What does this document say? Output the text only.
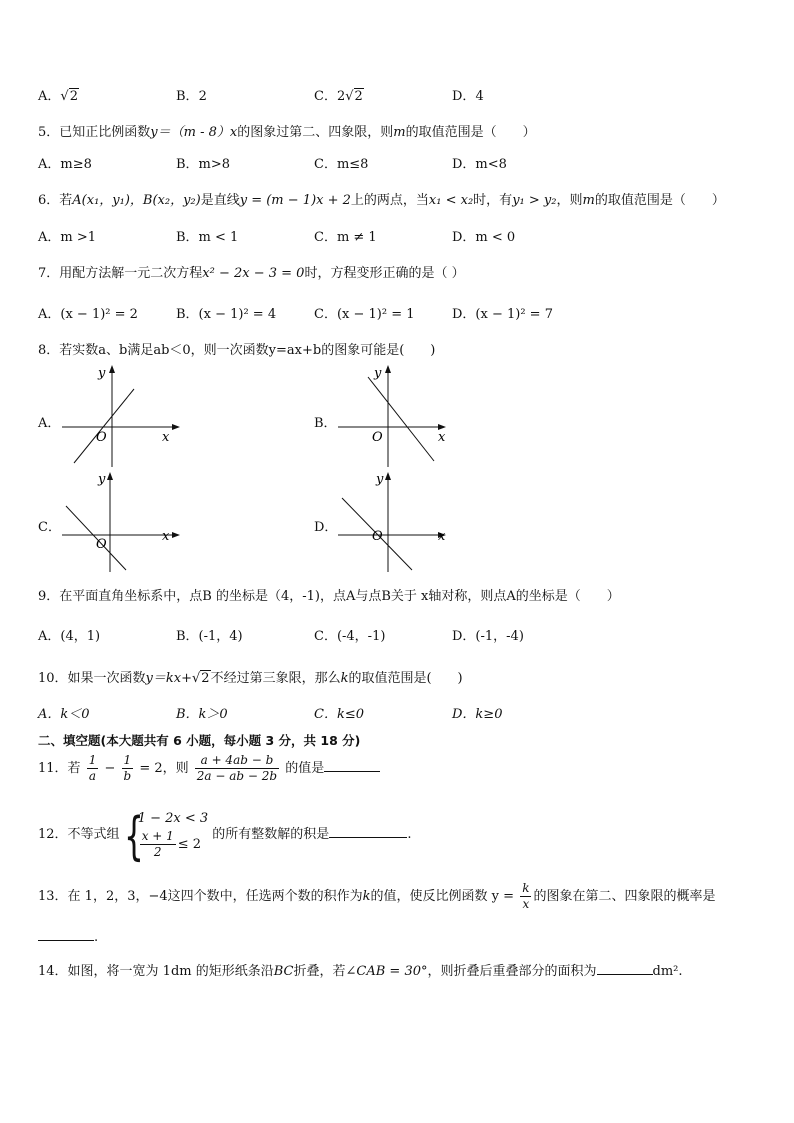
A．√2	B．2	C．2√2	D．4
5．已知正比例函数y＝（m - 8）x的图象过第二、四象限，则m的取值范围是（　　）
A．m≥8	B．m>8	C．m≤8	D．m<8
6．若A(x₁，y₁)，B(x₂，y₂)是直线y = (m − 1)x + 2上的两点，当x₁ < x₂时，有y₁ > y₂，则m的取值范围是（　　）
A．m >1	B．m < 1	C．m ≠ 1	D．m < 0
7．用配方法解一元二次方程x² − 2x − 3 = 0时，方程变形正确的是（ ）
A．(x − 1)² = 2	B．(x − 1)² = 4	C．(x − 1)² = 1	D．(x − 1)² = 7
8．若实数a、b满足ab＜0，则一次函数y=ax+b的图象可能是(　　)
A．
y
x
O
B．
y
x
O
C．
y
x
O
D．
y
x
O
9．在平面直角坐标系中，点B 的坐标是（4，-1)，点A与点B关于 x轴对称，则点A的坐标是（　　）
A．(4，1)	B．(-1，4)	C．(-4，-1)	D．(-1，-4)
10．如果一次函数y＝kx+√2不经过第三象限，那么k的取值范围是(　　)
A．k＜0	B．k＞0	C．k≤0	D．k≥0
二、填空题(本大题共有 6 小题，每小题 3 分，共 18 分)
11．若 $\frac{1}{a} - \frac{1}{b} = 2$，则 $\frac{a + 4ab - b}{2a - ab - 2b}$ 的值是
12．不等式组 {
1 − 2x < 3
$\frac{x + 1}{2} \le 2$
的所有整数解的积是	.
13．在 1，2，3，−4这四个数中，任选两个数的积作为k的值，使反比例函数 $y = \frac{k}{x}$ 的图象在第二、四象限的概率是
.
14．如图，将一宽为 1dm 的矩形纸条沿BC折叠，若∠CAB = 30°，则折叠后重叠部分的面积为	dm².
